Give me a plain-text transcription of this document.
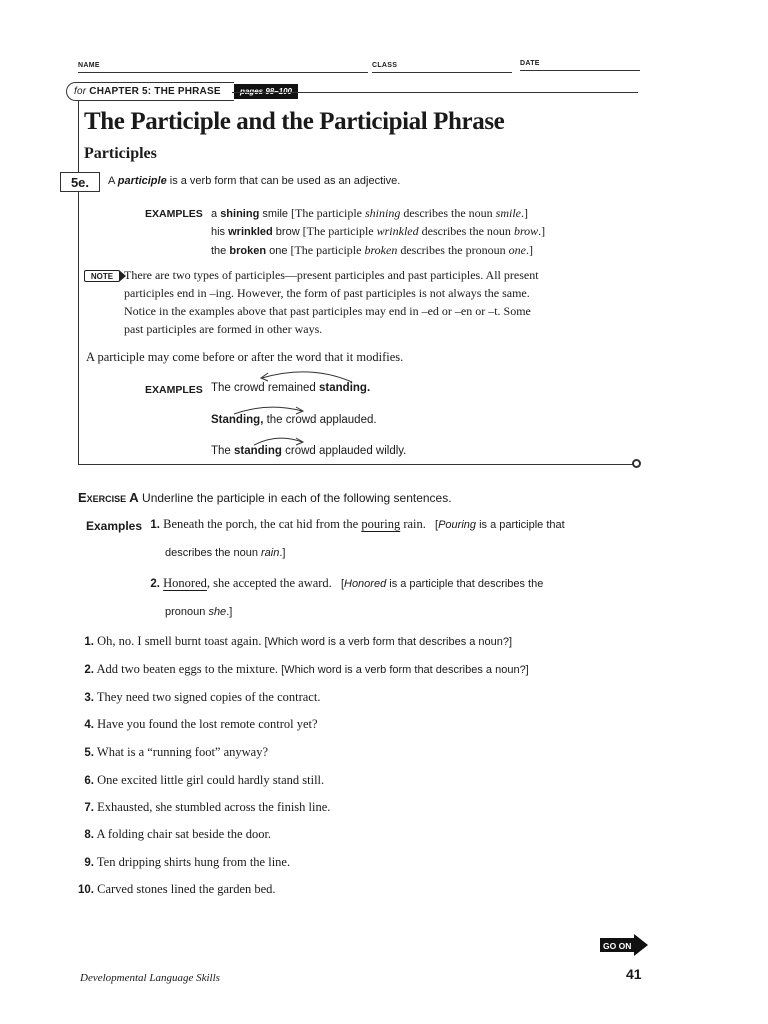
NAME	CLASS	DATE
for CHAPTER 5: THE PHRASE
The Participle and the Participial Phrase
Participles
5e.	A participle is a verb form that can be used as an adjective.
EXAMPLES a shining smile [The participle shining describes the noun smile.]
his wrinkled brow [The participle wrinkled describes the noun brow.]
the broken one [The participle broken describes the pronoun one.]
NOTE There are two types of participles—present participles and past participles. All present
participles end in –ing. However, the form of past participles is not always the same.
Notice in the examples above that past participles may end in –ed or –en or –t. Some
past participles are formed in other ways.
A participle may come before or after the word that it modifies.
EXAMPLES The crowd remained standing.
Standing, the crowd applauded.
The standing crowd applauded wildly.
Exercise A Underline the participle in each of the following sentences.
Examples 1. Beneath the porch, the cat hid from the pouring rain. [Pouring is a participle that
describes the noun rain.]
2. Honored, she accepted the award. [Honored is a participle that describes the
pronoun she.]
1. Oh, no. I smell burnt toast again. [Which word is a verb form that describes a noun?]
2. Add two beaten eggs to the mixture. [Which word is a verb form that describes a noun?]
3. They need two signed copies of the contract.
4. Have you found the lost remote control yet?
5. What is a “running foot” anyway?
6. One excited little girl could hardly stand still.
7. Exhausted, she stumbled across the finish line.
8. A folding chair sat beside the door.
9. Ten dripping shirts hung from the line.
10. Carved stones lined the garden bed.
GO ON
Developmental Language Skills	41
